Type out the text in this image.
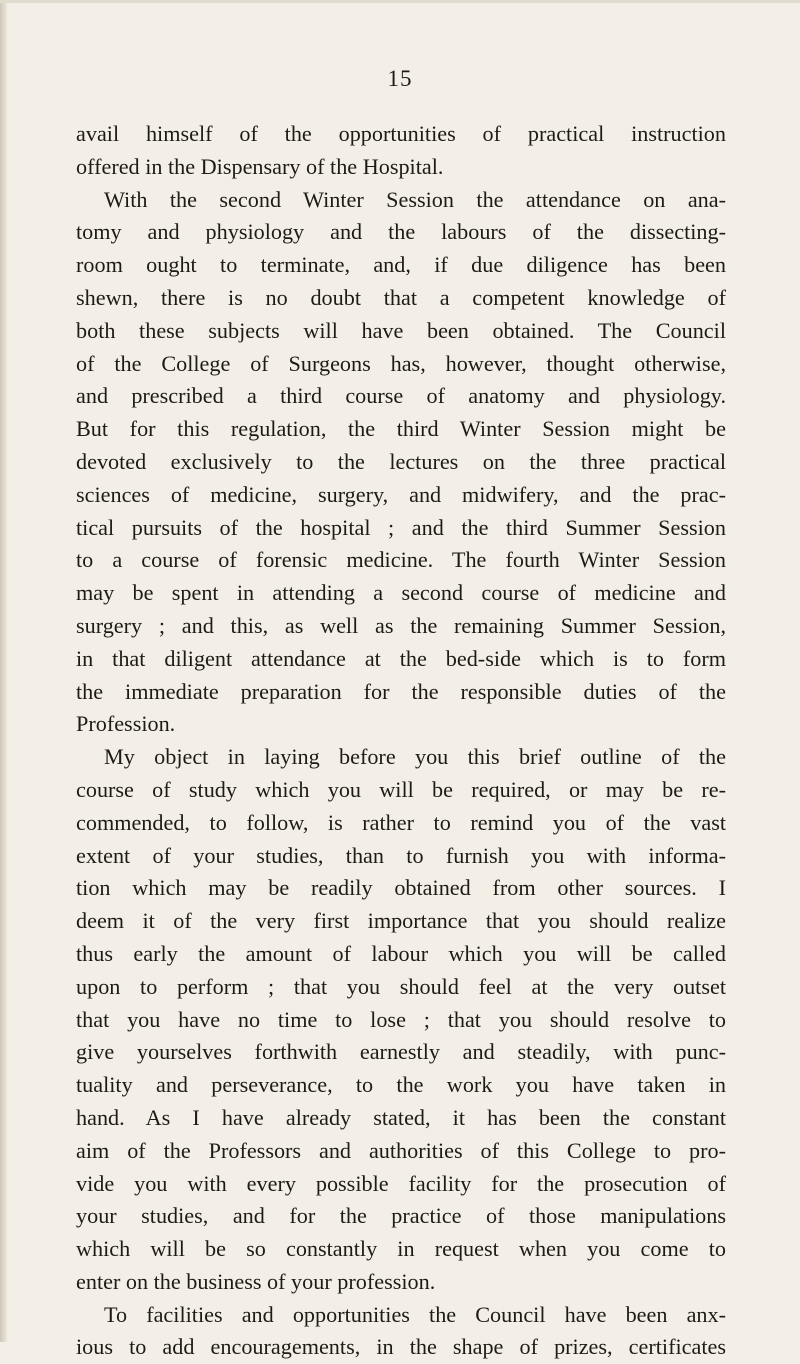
15
avail himself of the opportunities of practical instruction
offered in the Dispensary of the Hospital.
With the second Winter Session the attendance on ana-
tomy and physiology and the labours of the dissecting-
room ought to terminate, and, if due diligence has been
shewn, there is no doubt that a competent knowledge of
both these subjects will have been obtained. The Council
of the College of Surgeons has, however, thought otherwise,
and prescribed a third course of anatomy and physiology.
But for this regulation, the third Winter Session might be
devoted exclusively to the lectures on the three practical
sciences of medicine, surgery, and midwifery, and the prac-
tical pursuits of the hospital ; and the third Summer Session
to a course of forensic medicine. The fourth Winter Session
may be spent in attending a second course of medicine and
surgery ; and this, as well as the remaining Summer Session,
in that diligent attendance at the bed-side which is to form
the immediate preparation for the responsible duties of the
Profession.
My object in laying before you this brief outline of the
course of study which you will be required, or may be re-
commended, to follow, is rather to remind you of the vast
extent of your studies, than to furnish you with informa-
tion which may be readily obtained from other sources. I
deem it of the very first importance that you should realize
thus early the amount of labour which you will be called
upon to perform ; that you should feel at the very outset
that you have no time to lose ; that you should resolve to
give yourselves forthwith earnestly and steadily, with punc-
tuality and perseverance, to the work you have taken in
hand. As I have already stated, it has been the constant
aim of the Professors and authorities of this College to pro-
vide you with every possible facility for the prosecution of
your studies, and for the practice of those manipulations
which will be so constantly in request when you come to
enter on the business of your profession.
To facilities and opportunities the Council have been anx-
ious to add encouragements, in the shape of prizes, certificates
